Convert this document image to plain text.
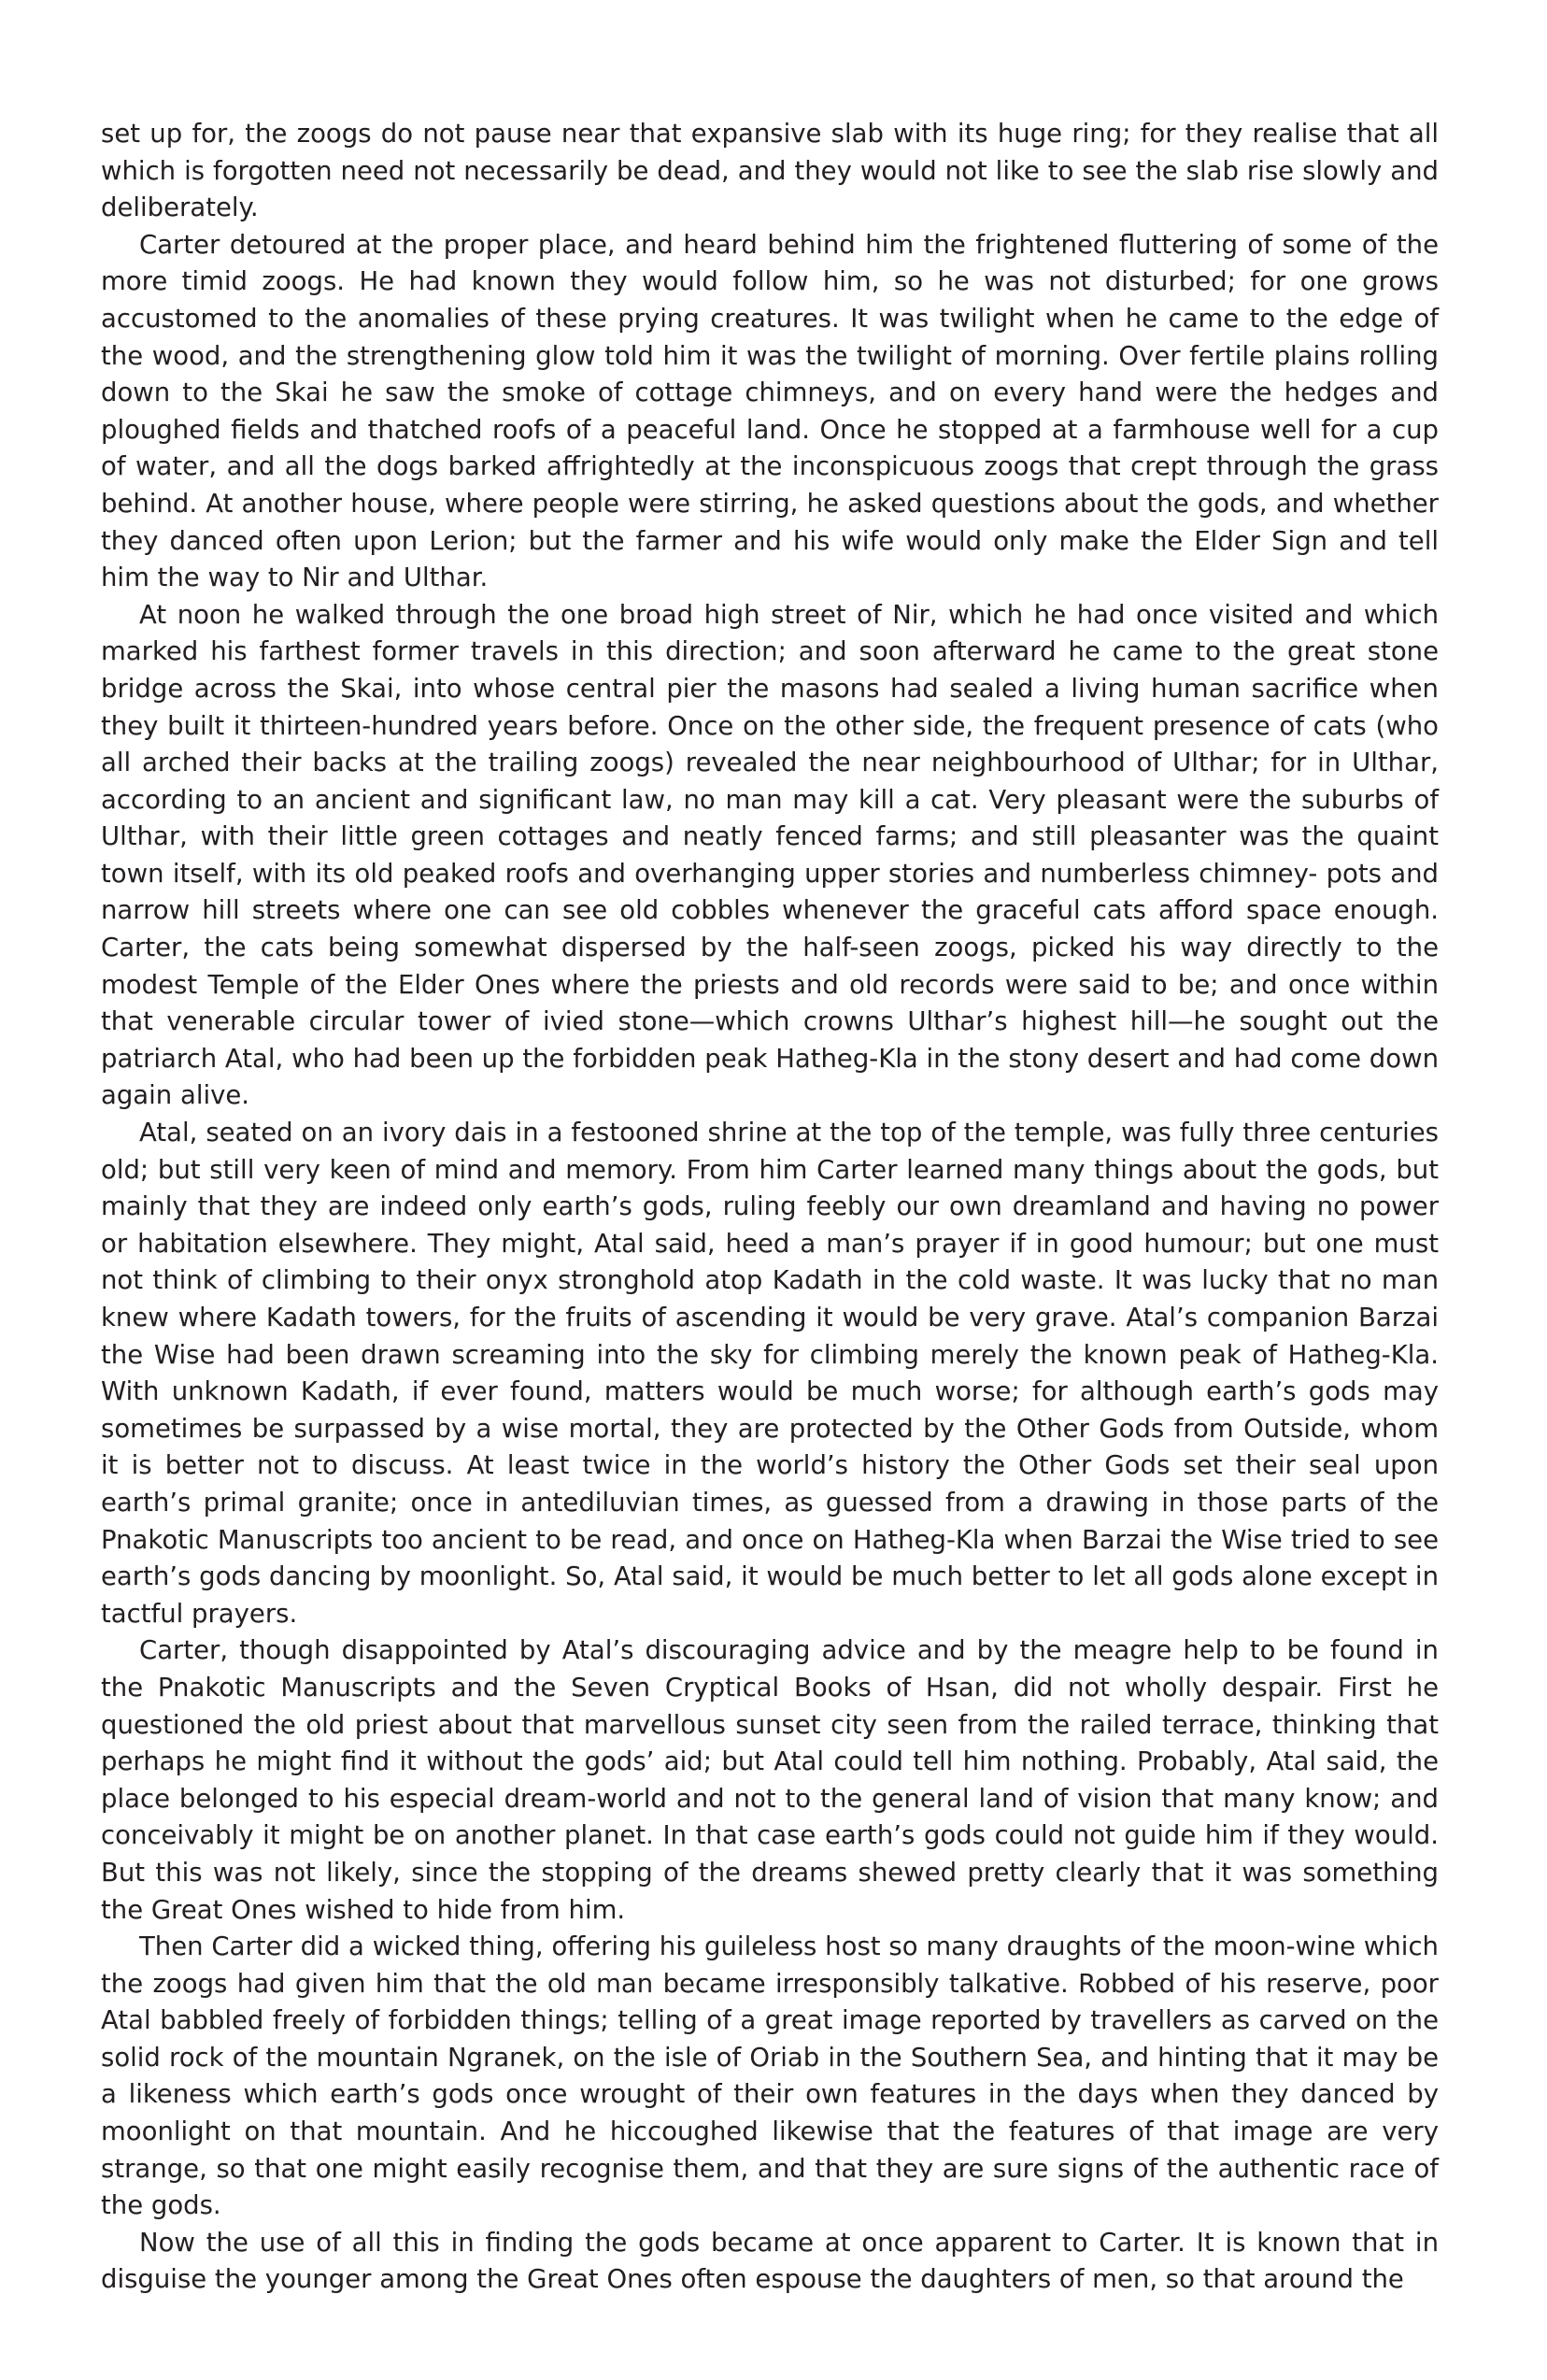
set up for, the zoogs do not pause near that expansive slab with its huge ring; for they realise that all which is forgotten need not necessarily be dead, and they would not like to see the slab rise slowly and deliberately.

Carter detoured at the proper place, and heard behind him the frightened fluttering of some of the more timid zoogs. He had known they would follow him, so he was not disturbed; for one grows accustomed to the anomalies of these prying creatures. It was twilight when he came to the edge of the wood, and the strengthening glow told him it was the twilight of morning. Over fertile plains rolling down to the Skai he saw the smoke of cottage chimneys, and on every hand were the hedges and ploughed fields and thatched roofs of a peaceful land. Once he stopped at a farmhouse well for a cup of water, and all the dogs barked affrightedly at the inconspicuous zoogs that crept through the grass behind. At another house, where people were stirring, he asked questions about the gods, and whether they danced often upon Lerion; but the farmer and his wife would only make the Elder Sign and tell him the way to Nir and Ulthar.

At noon he walked through the one broad high street of Nir, which he had once visited and which marked his farthest former travels in this direction; and soon afterward he came to the great stone bridge across the Skai, into whose central pier the masons had sealed a living human sacrifice when they built it thirteen-hundred years before. Once on the other side, the frequent presence of cats (who all arched their backs at the trailing zoogs) revealed the near neighbourhood of Ulthar; for in Ulthar, according to an ancient and significant law, no man may kill a cat. Very pleasant were the suburbs of Ulthar, with their little green cottages and neatly fenced farms; and still pleasanter was the quaint town itself, with its old peaked roofs and overhanging upper stories and numberless chimney- pots and narrow hill streets where one can see old cobbles whenever the graceful cats afford space enough. Carter, the cats being somewhat dispersed by the half-seen zoogs, picked his way directly to the modest Temple of the Elder Ones where the priests and old records were said to be; and once within that venerable circular tower of ivied stone—which crowns Ulthar’s highest hill—he sought out the patriarch Atal, who had been up the forbidden peak Hatheg-Kla in the stony desert and had come down again alive.

Atal, seated on an ivory dais in a festooned shrine at the top of the temple, was fully three centuries old; but still very keen of mind and memory. From him Carter learned many things about the gods, but mainly that they are indeed only earth’s gods, ruling feebly our own dreamland and having no power or habitation elsewhere. They might, Atal said, heed a man’s prayer if in good humour; but one must not think of climbing to their onyx stronghold atop Kadath in the cold waste. It was lucky that no man knew where Kadath towers, for the fruits of ascending it would be very grave. Atal’s companion Barzai the Wise had been drawn screaming into the sky for climbing merely the known peak of Hatheg-Kla. With unknown Kadath, if ever found, matters would be much worse; for although earth’s gods may sometimes be surpassed by a wise mortal, they are protected by the Other Gods from Outside, whom it is better not to discuss. At least twice in the world’s history the Other Gods set their seal upon earth’s primal granite; once in antediluvian times, as guessed from a drawing in those parts of the Pnakotic Manuscripts too ancient to be read, and once on Hatheg-Kla when Barzai the Wise tried to see earth’s gods dancing by moonlight. So, Atal said, it would be much better to let all gods alone except in tactful prayers.

Carter, though disappointed by Atal’s discouraging advice and by the meagre help to be found in the Pnakotic Manuscripts and the Seven Cryptical Books of Hsan, did not wholly despair. First he questioned the old priest about that marvellous sunset city seen from the railed terrace, thinking that perhaps he might find it without the gods’ aid; but Atal could tell him nothing. Probably, Atal said, the place belonged to his especial dream-world and not to the general land of vision that many know; and conceivably it might be on another planet. In that case earth’s gods could not guide him if they would. But this was not likely, since the stopping of the dreams shewed pretty clearly that it was something the Great Ones wished to hide from him.

Then Carter did a wicked thing, offering his guileless host so many draughts of the moon-wine which the zoogs had given him that the old man became irresponsibly talkative. Robbed of his reserve, poor Atal babbled freely of forbidden things; telling of a great image reported by travellers as carved on the solid rock of the mountain Ngranek, on the isle of Oriab in the Southern Sea, and hinting that it may be a likeness which earth’s gods once wrought of their own features in the days when they danced by moonlight on that mountain. And he hiccoughed likewise that the features of that image are very strange, so that one might easily recognise them, and that they are sure signs of the authentic race of the gods.

Now the use of all this in finding the gods became at once apparent to Carter. It is known that in disguise the younger among the Great Ones often espouse the daughters of men, so that around the
